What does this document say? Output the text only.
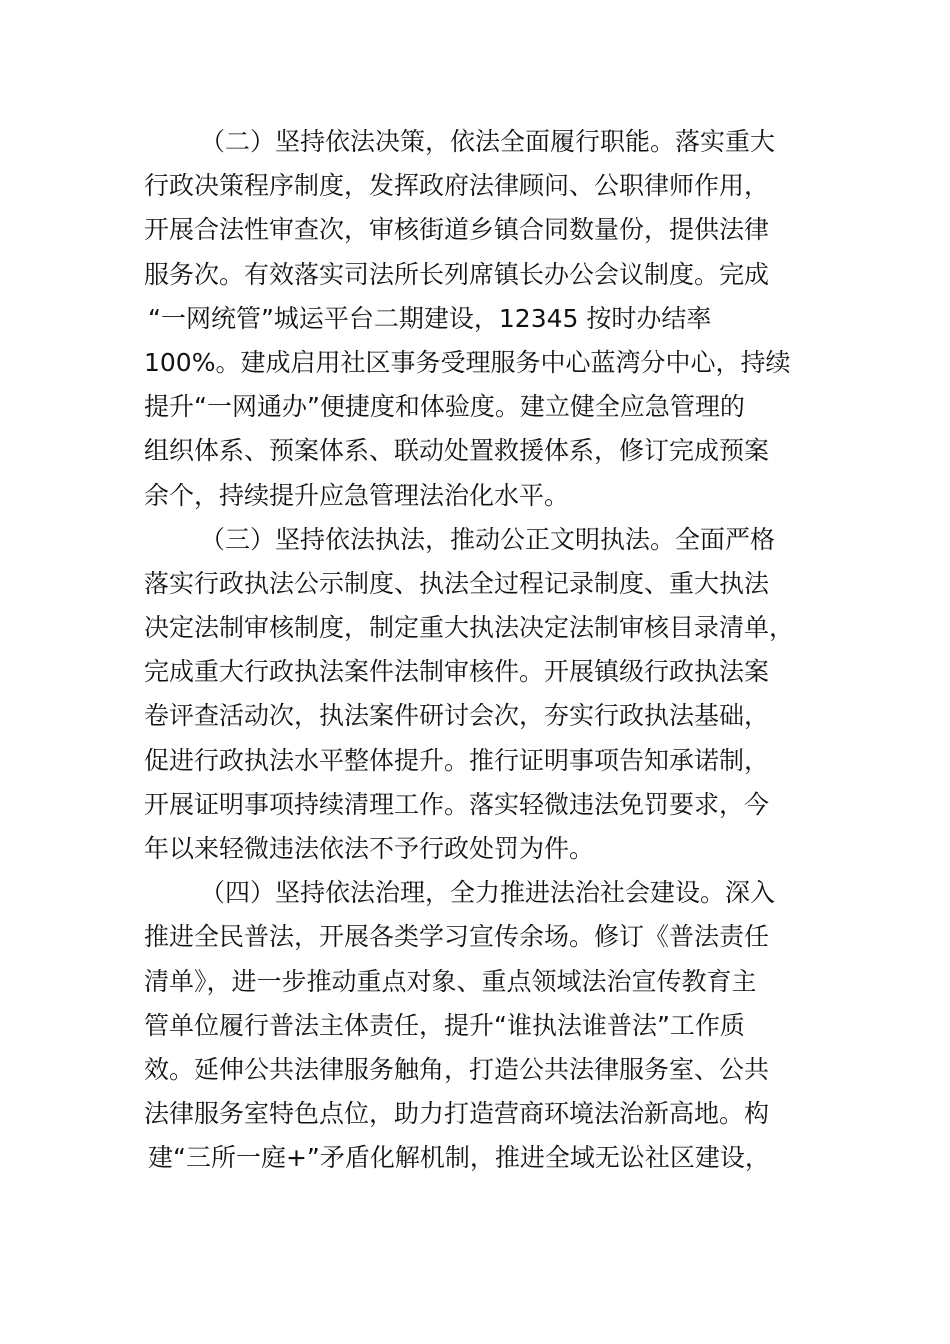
（二）坚持依法决策，依法全面履行职能。落实重大

行政决策程序制度，发挥政府法律顾问、公职律师作用，

开展合法性审查次，审核街道乡镇合同数量份，提供法律

服务次。有效落实司法所长列席镇长办公会议制度。完成

“一网统管”城运平台二期建设，12345 按时办结率

100%。建成启用社区事务受理服务中心蓝湾分中心，持续

提升“一网通办”便捷度和体验度。建立健全应急管理的

组织体系、预案体系、联动处置救援体系，修订完成预案

余个，持续提升应急管理法治化水平。

（三）坚持依法执法，推动公正文明执法。全面严格

落实行政执法公示制度、执法全过程记录制度、重大执法

决定法制审核制度，制定重大执法决定法制审核目录清单，

完成重大行政执法案件法制审核件。开展镇级行政执法案

卷评查活动次，执法案件研讨会次，夯实行政执法基础，

促进行政执法水平整体提升。推行证明事项告知承诺制，

开展证明事项持续清理工作。落实轻微违法免罚要求，今

年以来轻微违法依法不予行政处罚为件。

（四）坚持依法治理，全力推进法治社会建设。深入

推进全民普法，开展各类学习宣传余场。修订《普法责任

清单》，进一步推动重点对象、重点领域法治宣传教育主

管单位履行普法主体责任，提升“谁执法谁普法”工作质

效。延伸公共法律服务触角，打造公共法律服务室、公共

法律服务室特色点位，助力打造营商环境法治新高地。构

建“三所一庭+”矛盾化解机制，推进全域无讼社区建设，
